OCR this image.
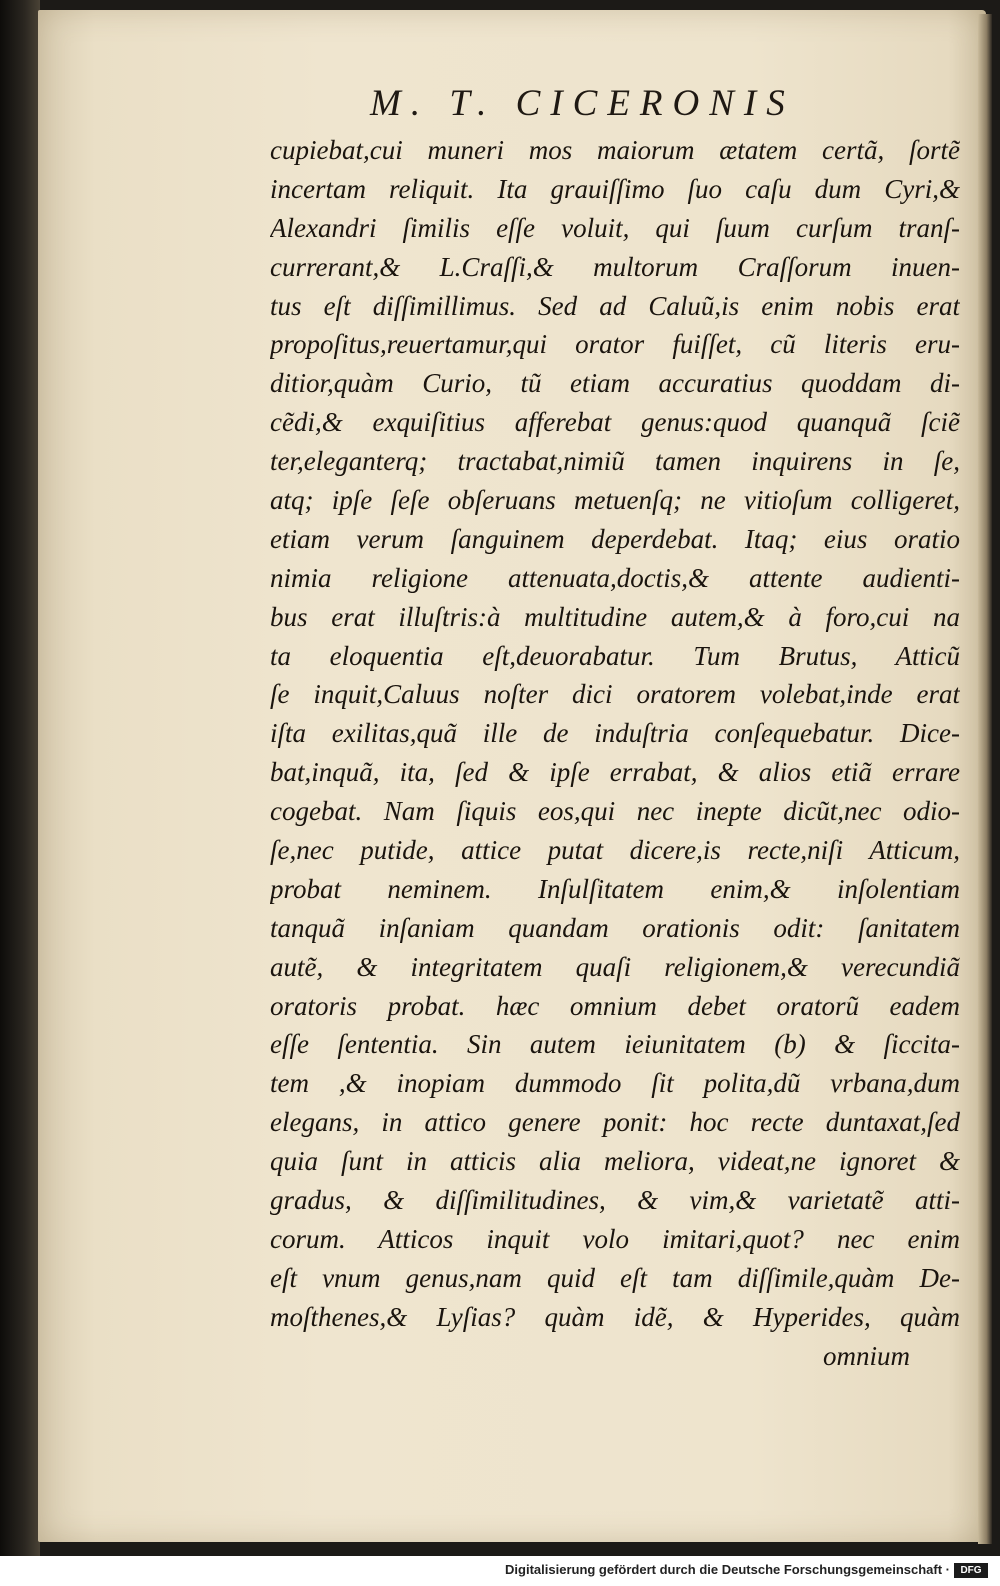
M. T. CICERONIS
cupiebat,cui muneri mos maiorum ætatem certã, ſortẽ
incertam reliquit. Ita grauiſſimo ſuo caſu dum Cyri,&
Alexandri ſimilis eſſe voluit, qui ſuum curſum tranſ-
currerant,& L.Craſſi,& multorum Craſſorum inuen-
tus eſt diſſimillimus. Sed ad Caluũ,is enim nobis erat
propoſitus,reuertamur,qui orator fuiſſet, cũ literis eru-
ditior,quàm Curio, tũ etiam accuratius quoddam di-
cẽdi,& exquiſitius afferebat genus:quod quanquã ſciẽ
ter,eleganterq; tractabat,nimiũ tamen inquirens in ſe,
atq; ipſe ſeſe obſeruans metuenſq; ne vitioſum colligeret,
etiam verum ſanguinem deperdebat. Itaq; eius oratio
nimia religione attenuata,doctis,& attente audienti-
bus erat illuſtris:à multitudine autem,& à foro,cui na
ta eloquentia eſt,deuorabatur. Tum Brutus, Atticũ
ſe inquit,Caluus noſter dici oratorem volebat,inde erat
iſta exilitas,quã ille de induſtria conſequebatur. Dice-
bat,inquã, ita, ſed & ipſe errabat, & alios etiã errare
cogebat. Nam ſiquis eos,qui nec inepte dicũt,nec odio-
ſe,nec putide, attice putat dicere,is recte,niſi Atticum,
probat neminem. Inſulſitatem enim,& inſolentiam
tanquã inſaniam quandam orationis odit: ſanitatem
autẽ, & integritatem quaſi religionem,& verecundiã
oratoris probat. hæc omnium debet oratorũ eadem
eſſe ſententia. Sin autem ieiunitatem (b) & ſiccita-
tem ,& inopiam dummodo ſit polita,dũ vrbana,dum
elegans, in attico genere ponit: hoc recte duntaxat,ſed
quia ſunt in atticis alia meliora, videat,ne ignoret &
gradus, & diſſimilitudines, & vim,& varietatẽ atti-
corum. Atticos inquit volo imitari,quot? nec enim
eſt vnum genus,nam quid eſt tam diſſimile,quàm De-
moſthenes,& Lyſias? quàm idẽ, & Hyperides, quàm
omnium
Digitalisierung gefördert durch die Deutsche Forschungsgemeinschaft ·	DFG
